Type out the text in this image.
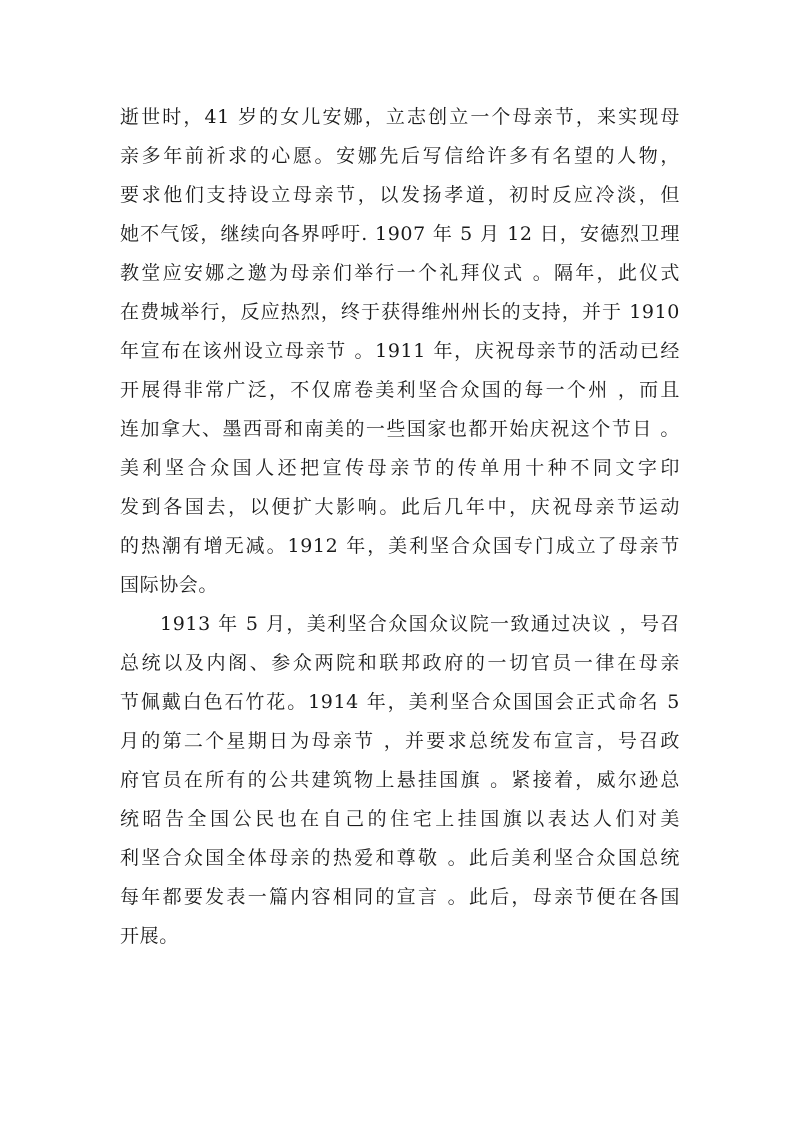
逝世时，41 岁的女儿安娜，立志创立一个母亲节，来实现母
亲多年前祈求的心愿。安娜先后写信给许多有名望的人物，
要求他们支持设立母亲节，以发扬孝道，初时反应冷淡，但
她不气馁，继续向各界呼吁. 1907 年 5 月 12 日，安德烈卫理
教堂应安娜之邀为母亲们举行一个礼拜仪式 。隔年，此仪式
在费城举行，反应热烈，终于获得维州州长的支持，并于 1910
年宣布在该州设立母亲节 。1911 年，庆祝母亲节的活动已经
开展得非常广泛，不仅席卷美利坚合众国的每一个州 ，而且
连加拿大、墨西哥和南美的一些国家也都开始庆祝这个节日 。
美利坚合众国人还把宣传母亲节的传单用十种不同文字印
发到各国去，以便扩大影响。此后几年中，庆祝母亲节运动
的热潮有增无减。1912 年，美利坚合众国专门成立了母亲节
国际协会。
1913 年 5 月，美利坚合众国众议院一致通过决议 ，号召
总统以及内阁、参众两院和联邦政府的一切官员一律在母亲
节佩戴白色石竹花。1914 年，美利坚合众国国会正式命名 5
月的第二个星期日为母亲节 ，并要求总统发布宣言，号召政
府官员在所有的公共建筑物上悬挂国旗 。紧接着，威尔逊总
统昭告全国公民也在自己的住宅上挂国旗以表达人们对美
利坚合众国全体母亲的热爱和尊敬 。此后美利坚合众国总统
每年都要发表一篇内容相同的宣言 。此后，母亲节便在各国
开展。
